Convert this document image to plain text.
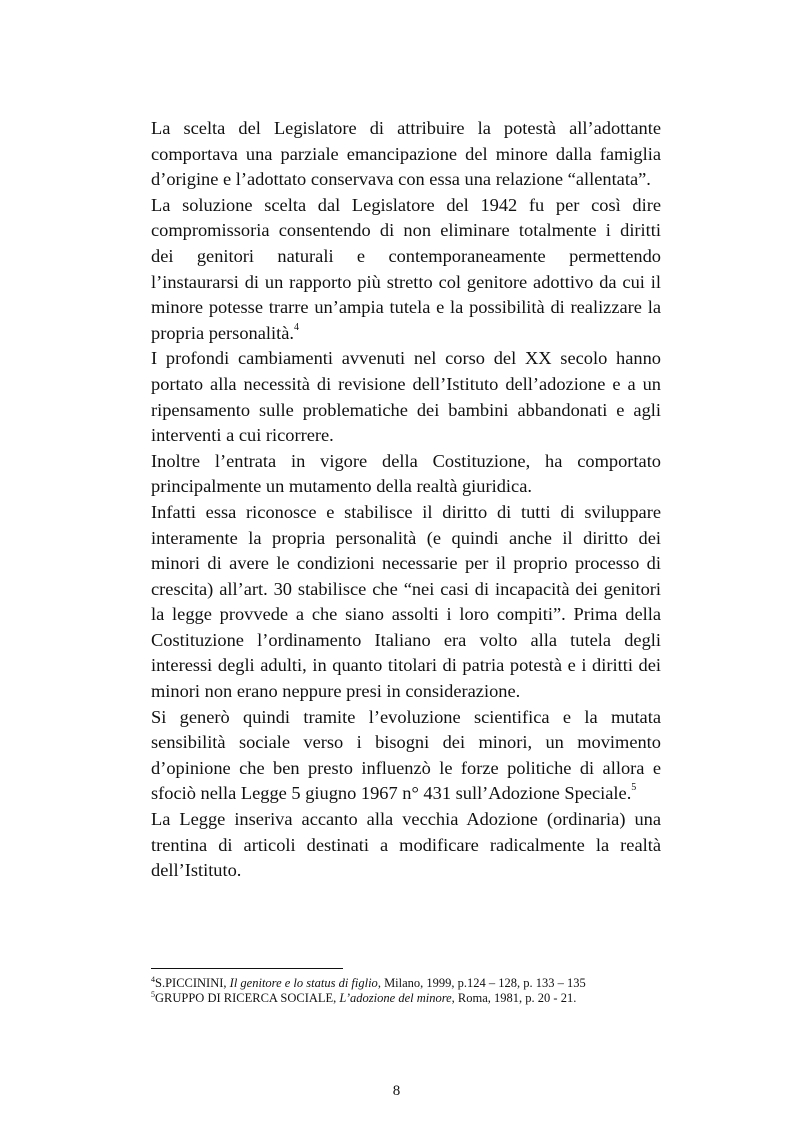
La scelta del Legislatore di attribuire la potestà all’adottante
comportava una parziale emancipazione del minore dalla famiglia
d’origine e l’adottato conservava con essa una relazione “allentata”.
La soluzione scelta dal Legislatore del 1942 fu per così dire
compromissoria consentendo di non eliminare totalmente i diritti
dei genitori naturali e contemporaneamente permettendo
l’instaurarsi di un rapporto più stretto col genitore adottivo da cui il
minore potesse trarre un’ampia tutela e la possibilità di realizzare la
propria personalità.$^4$
I profondi cambiamenti avvenuti nel corso del XX secolo hanno
portato alla necessità di revisione dell’Istituto dell’adozione e a un
ripensamento sulle problematiche dei bambini abbandonati e agli
interventi a cui ricorrere.
Inoltre l’entrata in vigore della Costituzione, ha comportato
principalmente un mutamento della realtà giuridica.
Infatti essa riconosce e stabilisce il diritto di tutti di sviluppare
interamente la propria personalità (e quindi anche il diritto dei
minori di avere le condizioni necessarie per il proprio processo di
crescita) all’art. 30 stabilisce che “nei casi di incapacità dei genitori
la legge provvede a che siano assolti i loro compiti”. Prima della
Costituzione l’ordinamento Italiano era volto alla tutela degli
interessi degli adulti, in quanto titolari di patria potestà e i diritti dei
minori non erano neppure presi in considerazione.
Si generò quindi tramite l’evoluzione scientifica e la mutata
sensibilità sociale verso i bisogni dei minori, un movimento
d’opinione che ben presto influenzò le forze politiche di allora e
sfociò nella Legge 5 giugno 1967 n° 431 sull’Adozione Speciale.$^5$
La Legge inseriva accanto alla vecchia Adozione (ordinaria) una
trentina di articoli destinati a modificare radicalmente la realtà
dell’Istituto.
$^4$S.PICCININI, Il genitore e lo status di figlio, Milano, 1999, p.124 – 128, p. 133 – 135
$^5$GRUPPO DI RICERCA SOCIALE, L’adozione del minore, Roma, 1981, p. 20 - 21.
8
